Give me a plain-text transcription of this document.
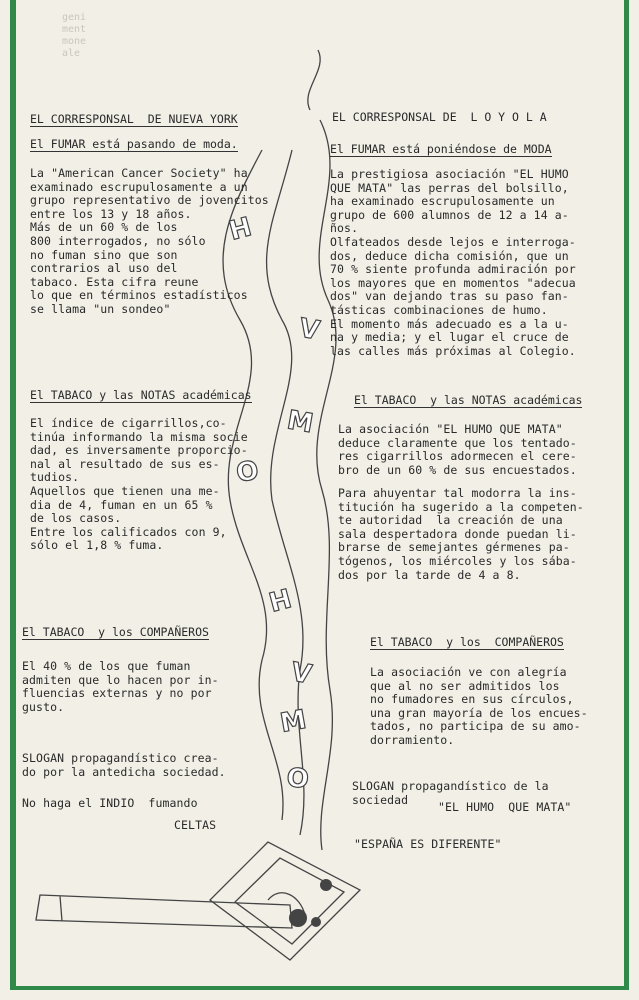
geni
ment
mone
ale
H
V
M
O
H
V
M
O
EL CORRESPONSAL  DE NUEVA YORK
El FUMAR está pasando de moda.
La "American Cancer Society" ha
examinado escrupulosamente a un
grupo representativo de jovencitos
entre los 13 y 18 años.
Más de un 60 % de los
800 interrogados, no sólo
no fuman sino que son
contrarios al uso del
tabaco. Esta cifra reune
lo que en términos estadísticos
se llama "un sondeo"
El TABACO y las NOTAS académicas
El índice de cigarrillos,co-
tinúa informando la misma socie
dad, es inversamente proporcio-
nal al resultado de sus es-
tudios.
Aquellos que tienen una me-
dia de 4, fuman en un 65 %
de los casos.
Entre los calificados con 9,
sólo el 1,8 % fuma.
El TABACO  y los COMPAÑEROS
El 40 % de los que fuman
admiten que lo hacen por in-
fluencias externas y no por
gusto.
SLOGAN propagandístico crea-
do por la antedicha sociedad.
No haga el INDIO  fumando
CELTAS
EL CORRESPONSAL DE  L O Y O L A
El FUMAR está poniéndose de MODA
La prestigiosa asociación "EL HUMO
QUE MATA" las perras del bolsillo,
ha examinado escrupulosamente un
grupo de 600 alumnos de 12 a 14 a-
ños.
Olfateados desde lejos e interroga-
dos, deduce dicha comisión, que un
70 % siente profunda admiración por
los mayores que en momentos "adecua
dos" van dejando tras su paso fan-
tásticas combinaciones de humo.
El momento más adecuado es a la u-
na y media; y el lugar el cruce de
las calles más próximas al Colegio.
El TABACO  y las NOTAS académicas
La asociación "EL HUMO QUE MATA"
deduce claramente que los tentado-
res cigarrillos adormecen el cere-
bro de un 60 % de sus encuestados.
Para ahuyentar tal modorra la ins-
titución ha sugerido a la competen-
te autoridad  la creación de una
sala despertadora donde puedan li-
brarse de semejantes gérmenes pa-
tógenos, los miércoles y los sába-
dos por la tarde de 4 a 8.
El TABACO  y los  COMPAÑEROS
La asociación ve con alegría
que al no ser admitidos los
no fumadores en sus círculos,
una gran mayoría de los encues-
tados, no participa de su amo-
dorramiento.
SLOGAN propagandístico de la
sociedad
"EL HUMO  QUE MATA"
"ESPAÑA ES DIFERENTE"
